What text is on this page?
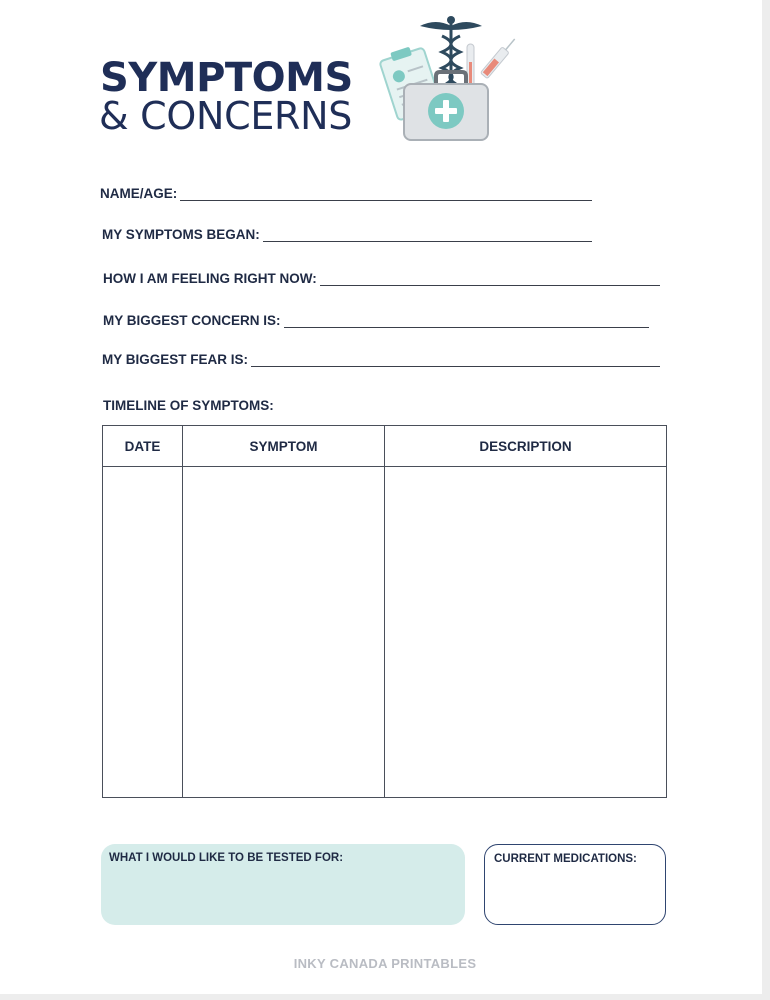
SYMPTOMS
& CONCERNS
NAME/AGE:
MY SYMPTOMS BEGAN:
HOW I AM FEELING RIGHT NOW:
MY BIGGEST CONCERN IS:
MY BIGGEST FEAR IS:
TIMELINE OF SYMPTOMS:
DATE	SYMPTOM	DESCRIPTION

WHAT I WOULD LIKE TO BE TESTED FOR:	CURRENT MEDICATIONS:
INKY CANADA PRINTABLES
